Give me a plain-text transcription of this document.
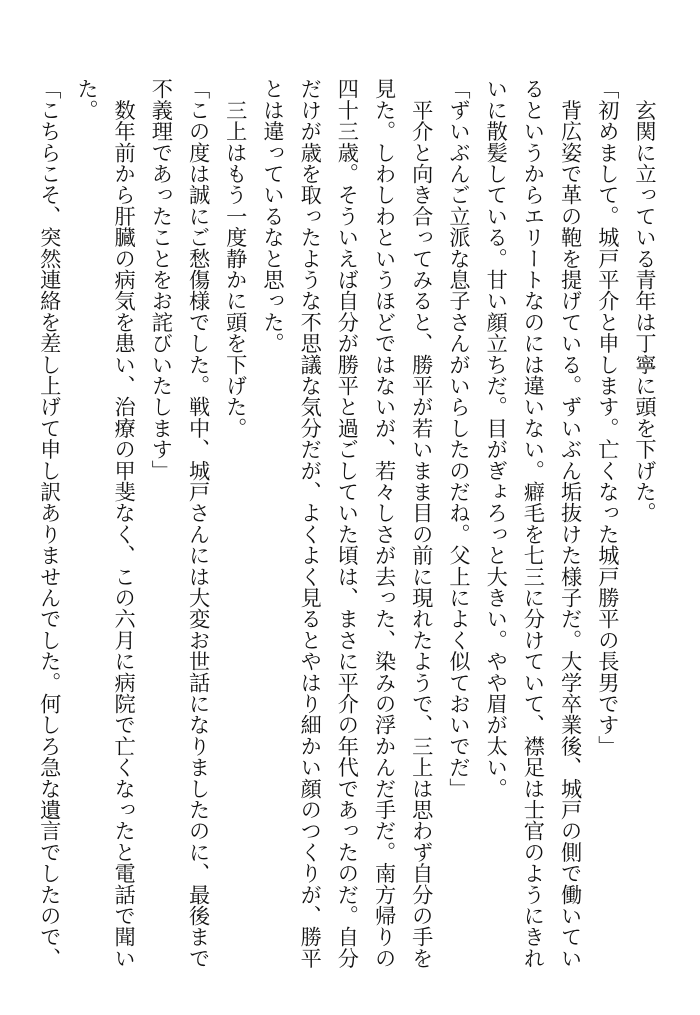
　玄関に立っている青年は丁寧に頭を下げた。
「初めまして。城戸平介と申します。亡くなった城戸勝平の長男です」
　背広姿で革の鞄を提げている。ずいぶん垢抜けた様子だ。大学卒業後、城戸の側で働いてい
るというからエリートなのには違いない。癖毛を七三に分けていて、襟足は士官のようにきれ
いに散髪している。甘い顔立ちだ。目がぎょろっと大きい。やや眉が太い。
「ずいぶんご立派な息子さんがいらしたのだね。父上によく似ておいでだ」
　平介と向き合ってみると、勝平が若いまま目の前に現れたようで、三上は思わず自分の手を
見た。しわしわというほどではないが、若々しさが去った、染みの浮かんだ手だ。南方帰りの
四十三歳。そういえば自分が勝平と過ごしていた頃は、まさに平介の年代であったのだ。自分
だけが歳を取ったような不思議な気分だが、よくよく見るとやはり細かい顔のつくりが、勝平
とは違っているなと思った。
　三上はもう一度静かに頭を下げた。
「この度は誠にご愁傷様でした。戦中、城戸さんには大変お世話になりましたのに、最後まで
不義理であったことをお詫びいたします」
　数年前から肝臓の病気を患い、治療の甲斐なく、この六月に病院で亡くなったと電話で聞い
た。
「こちらこそ、突然連絡を差し上げて申し訳ありませんでした。何しろ急な遺言でしたので、
